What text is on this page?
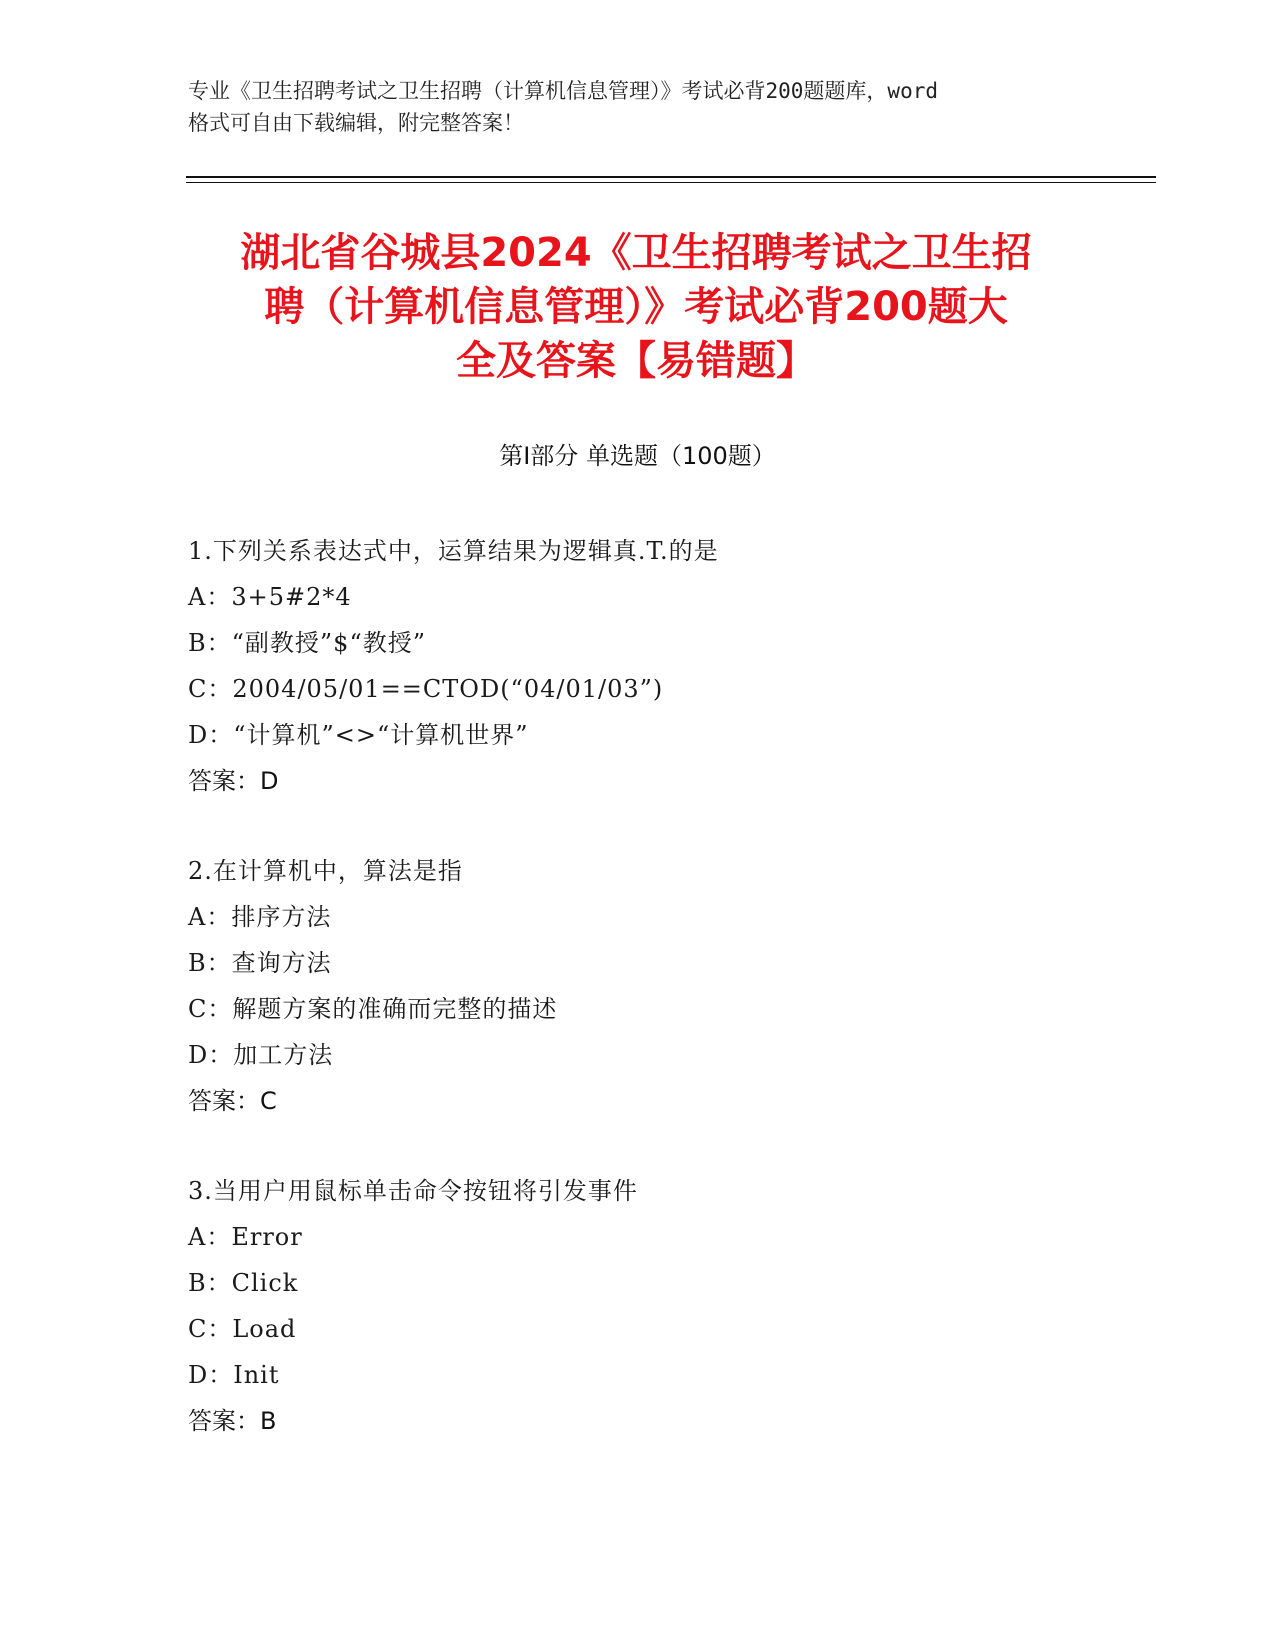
专业《卫生招聘考试之卫生招聘（计算机信息管理）》考试必背200题题库，word
格式可自由下载编辑，附完整答案！
湖北省谷城县2024《卫生招聘考试之卫生招
聘（计算机信息管理）》考试必背200题大
全及答案【易错题】
第Ⅰ部分 单选题（100题）
1.下列关系表达式中，运算结果为逻辑真.T.的是
A：3+5#2*4
B：“副教授”$“教授”
C：2004/05/01==CTOD(“04/01/03”)
D：“计算机”<>“计算机世界”
答案：D
2.在计算机中，算法是指
A：排序方法
B：查询方法
C：解题方案的准确而完整的描述
D：加工方法
答案：C
3.当用户用鼠标单击命令按钮将引发事件
A：Error
B：Click
C：Load
D：Init
答案：B
